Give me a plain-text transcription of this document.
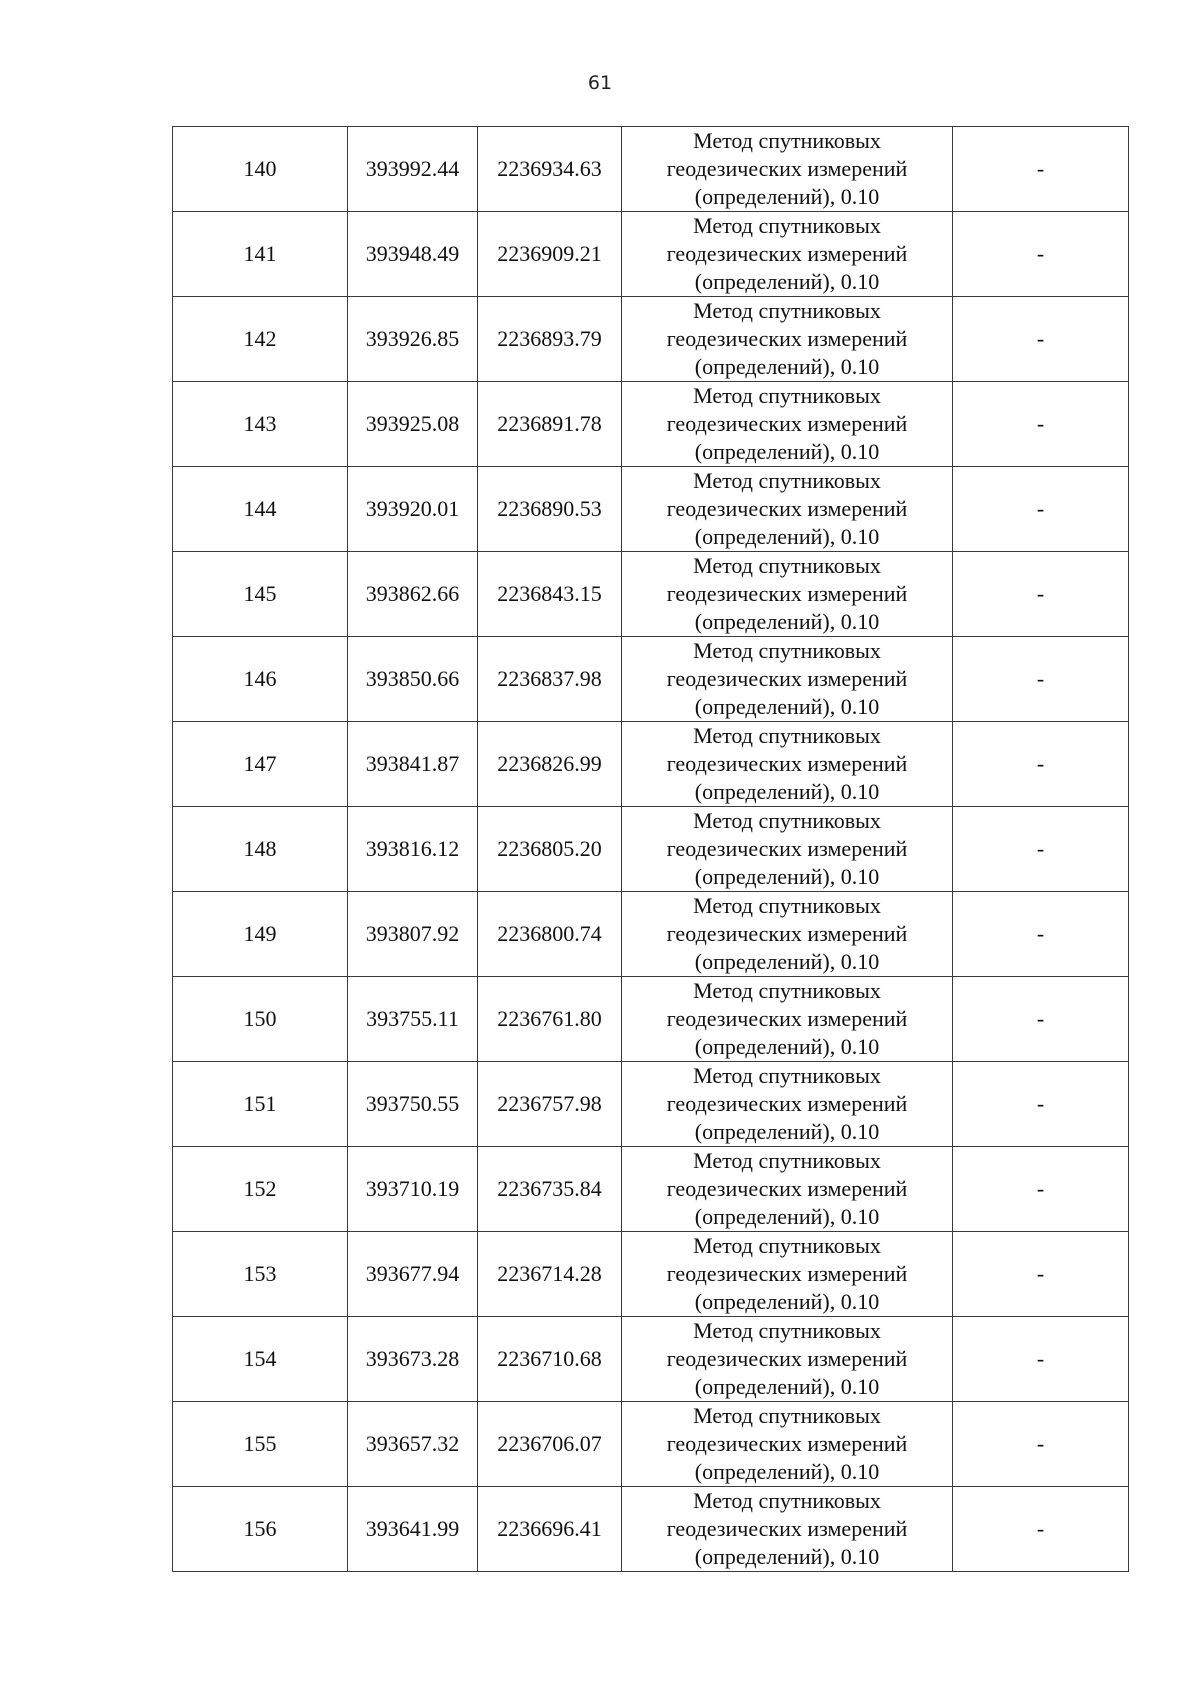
61
140	393992.44	2236934.63	Метод спутниковых
геодезических измерений
(определений), 0.10	-
141	393948.49	2236909.21	Метод спутниковых
геодезических измерений
(определений), 0.10	-
142	393926.85	2236893.79	Метод спутниковых
геодезических измерений
(определений), 0.10	-
143	393925.08	2236891.78	Метод спутниковых
геодезических измерений
(определений), 0.10	-
144	393920.01	2236890.53	Метод спутниковых
геодезических измерений
(определений), 0.10	-
145	393862.66	2236843.15	Метод спутниковых
геодезических измерений
(определений), 0.10	-
146	393850.66	2236837.98	Метод спутниковых
геодезических измерений
(определений), 0.10	-
147	393841.87	2236826.99	Метод спутниковых
геодезических измерений
(определений), 0.10	-
148	393816.12	2236805.20	Метод спутниковых
геодезических измерений
(определений), 0.10	-
149	393807.92	2236800.74	Метод спутниковых
геодезических измерений
(определений), 0.10	-
150	393755.11	2236761.80	Метод спутниковых
геодезических измерений
(определений), 0.10	-
151	393750.55	2236757.98	Метод спутниковых
геодезических измерений
(определений), 0.10	-
152	393710.19	2236735.84	Метод спутниковых
геодезических измерений
(определений), 0.10	-
153	393677.94	2236714.28	Метод спутниковых
геодезических измерений
(определений), 0.10	-
154	393673.28	2236710.68	Метод спутниковых
геодезических измерений
(определений), 0.10	-
155	393657.32	2236706.07	Метод спутниковых
геодезических измерений
(определений), 0.10	-
156	393641.99	2236696.41	Метод спутниковых
геодезических измерений
(определений), 0.10	-
